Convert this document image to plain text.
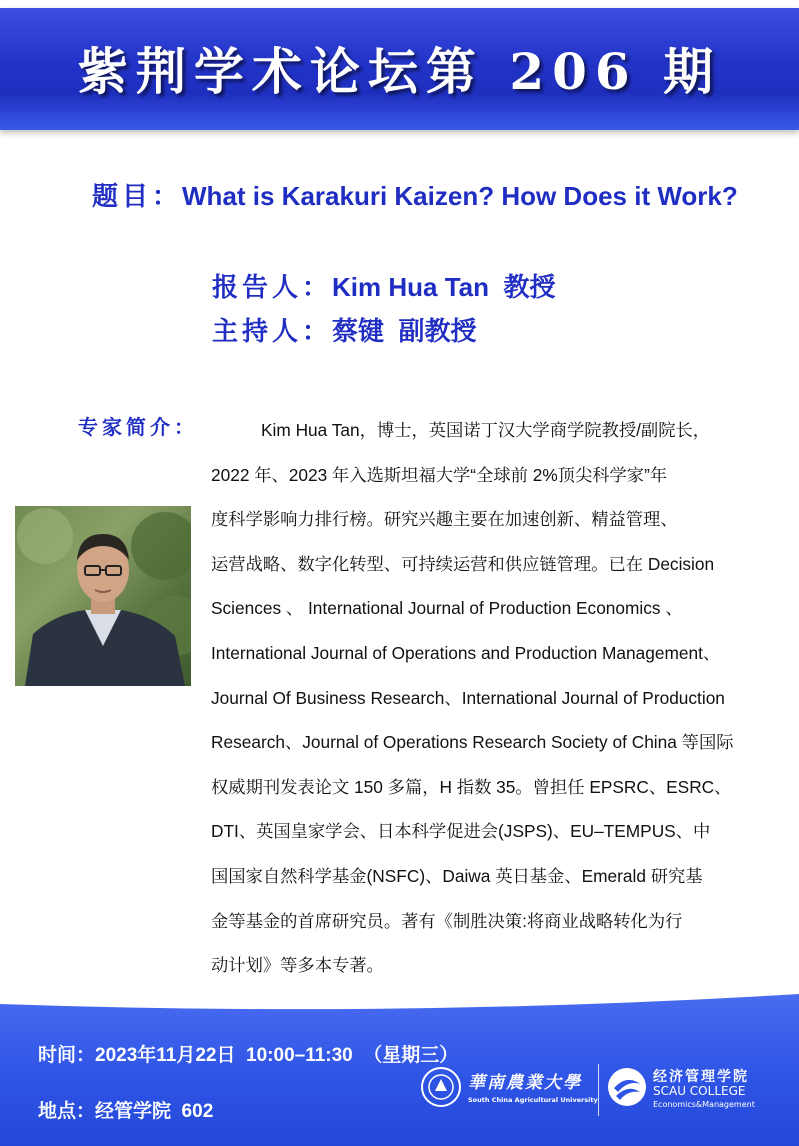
紫荆学术论坛第 206 期
题目：What is Karakuri Kaizen? How Does it Work?
报告人：Kim Hua Tan  教授
主持人：蔡键  副教授
专家简介：	Kim Hua Tan，博士，英国诺丁汉大学商学院教授/副院长，
2022 年、2023 年入选斯坦福大学“全球前 2%顶尖科学家”年
度科学影响力排行榜。研究兴趣主要在加速创新、精益管理、
运营战略、数字化转型、可持续运营和供应链管理。已在 Decision
Sciences 、 International Journal of Production Economics 、
International Journal of Operations and Production Management、
Journal Of Business Research、International Journal of Production
Research、Journal of Operations Research Society of China 等国际
权威期刊发表论文 150 多篇，H 指数 35。曾担任 EPSRC、ESRC、
DTI、英国皇家学会、日本科学促进会(JSPS)、EU–TEMPUS、中
国国家自然科学基金(NSFC)、Daiwa 英日基金、Emerald 研究基
金等基金的首席研究员。著有《制胜决策:将商业战略转化为行
动计划》等多本专著。
时间：2023年11月22日  10:00–11:30  （星期三）
地点：经管学院  602
華南農業大學
South China Agricultural University
经济管理学院
SCAU COLLEGE
Economics&Management
